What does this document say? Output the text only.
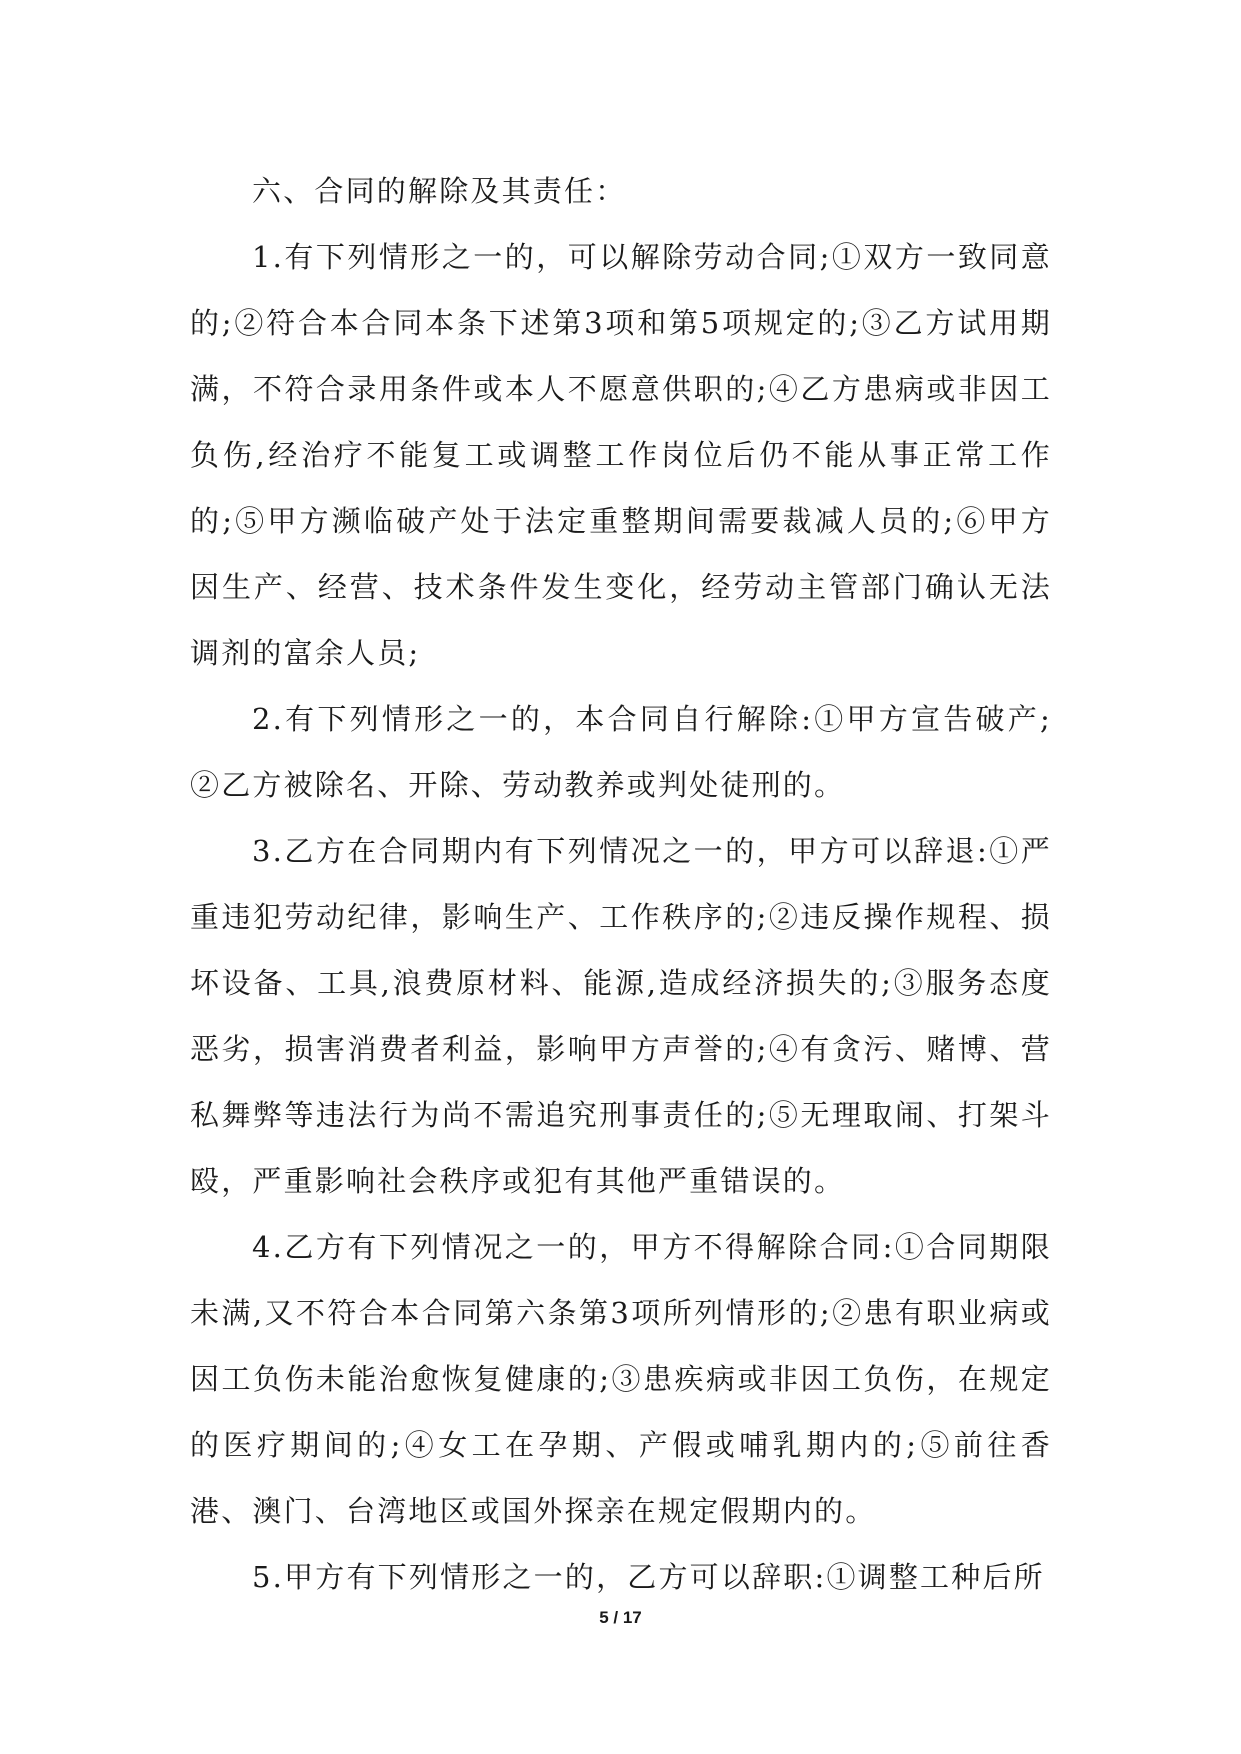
六、合同的解除及其责任：

1.有下列情形之一的，可以解除劳动合同;①双方一致同意的;②符合本合同本条下述第3项和第5项规定的;③乙方试用期满，不符合录用条件或本人不愿意供职的;④乙方患病或非因工负伤,经治疗不能复工或调整工作岗位后仍不能从事正常工作的;⑤甲方濒临破产处于法定重整期间需要裁减人员的;⑥甲方因生产、经营、技术条件发生变化，经劳动主管部门确认无法调剂的富余人员;

2.有下列情形之一的，本合同自行解除:①甲方宣告破产;②乙方被除名、开除、劳动教养或判处徒刑的。

3.乙方在合同期内有下列情况之一的，甲方可以辞退:①严重违犯劳动纪律，影响生产、工作秩序的;②违反操作规程、损坏设备、工具,浪费原材料、能源,造成经济损失的;③服务态度恶劣，损害消费者利益，影响甲方声誉的;④有贪污、赌博、营私舞弊等违法行为尚不需追究刑事责任的;⑤无理取闹、打架斗殴，严重影响社会秩序或犯有其他严重错误的。

4.乙方有下列情况之一的，甲方不得解除合同:①合同期限未满,又不符合本合同第六条第3项所列情形的;②患有职业病或因工负伤未能治愈恢复健康的;③患疾病或非因工负伤，在规定的医疗期间的;④女工在孕期、产假或哺乳期内的;⑤前往香港、澳门、台湾地区或国外探亲在规定假期内的。

5.甲方有下列情形之一的，乙方可以辞职:①调整工种后所

5 / 17
